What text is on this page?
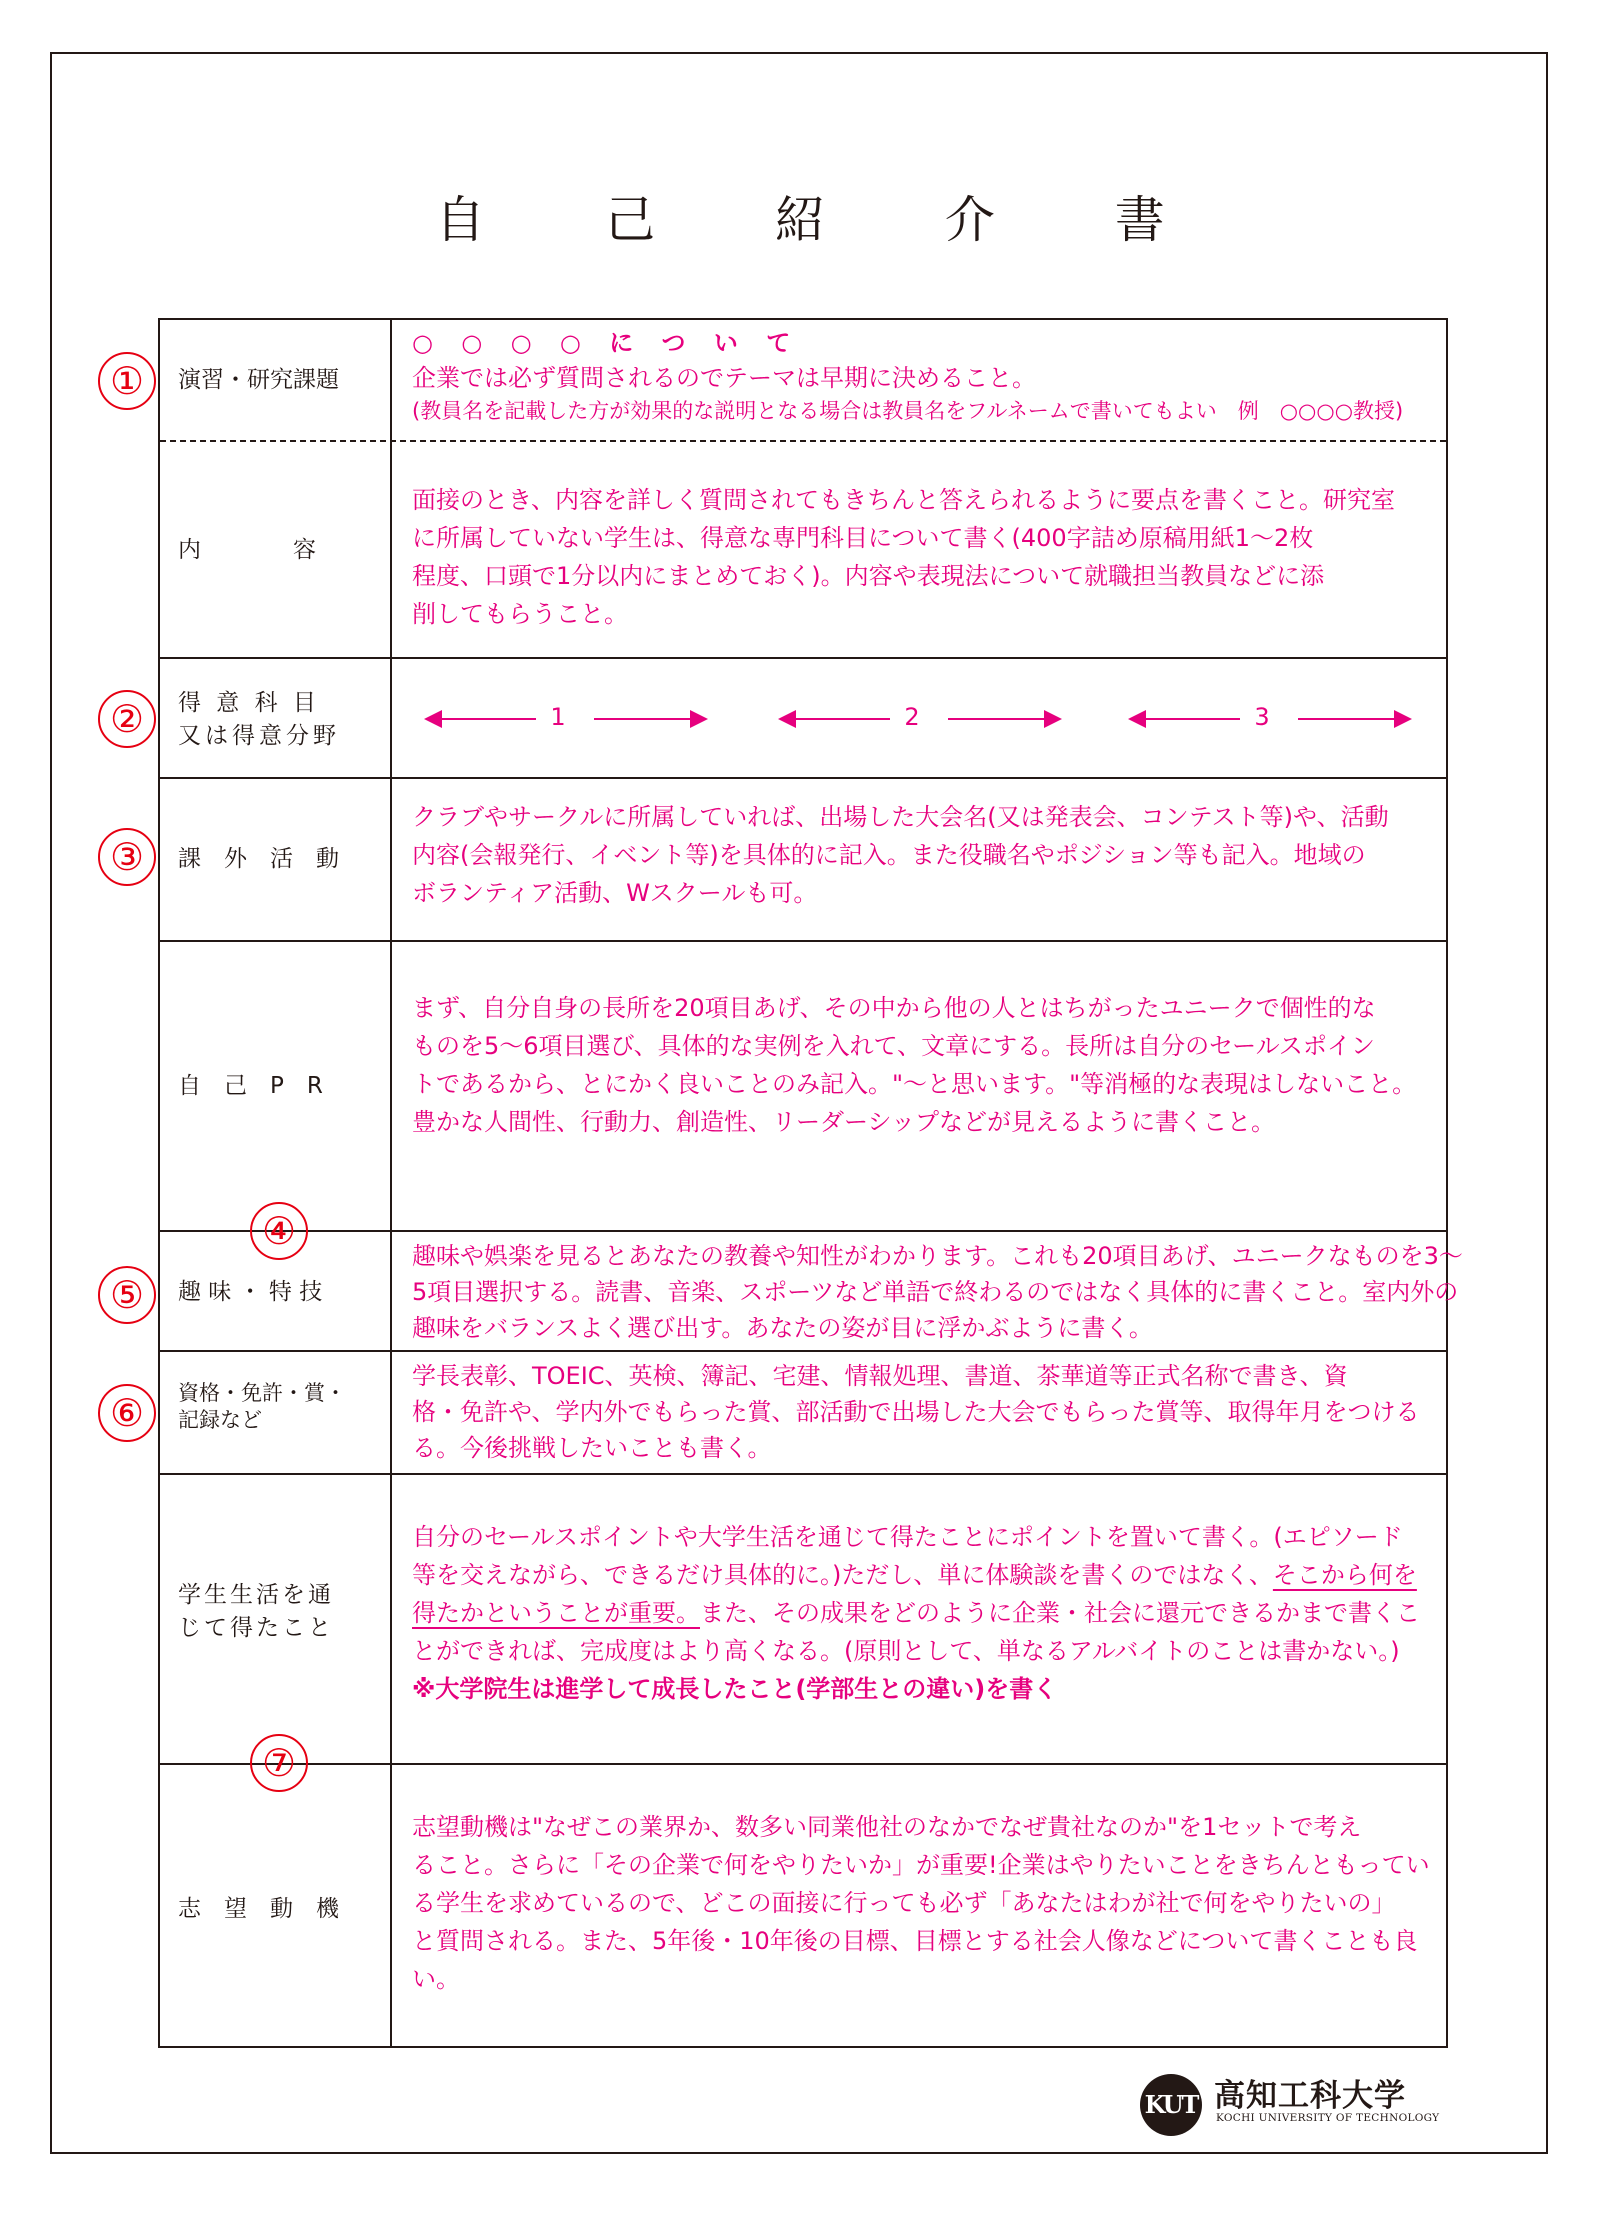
自 己 紹 介 書
演習・研究課題
○ ○ ○ ○ に つ い て
企業では必ず質問されるのでテーマは早期に決めること。
(教員名を記載した方が効果的な説明となる場合は教員名をフルネームで書いてもよい　例　○○○○教授)
内　　　　容
面接のとき、内容を詳しく質問されてもきちんと答えられるように要点を書くこと。研究室
に所属していない学生は、得意な専門科目について書く(400字詰め原稿用紙1〜2枚
程度、口頭で1分以内にまとめておく)。内容や表現法について就職担当教員などに添
削してもらうこと。
得 意 科 目
又は得意分野
1	2	3
課　外　活　動
クラブやサークルに所属していれば、出場した大会名(又は発表会、コンテスト等)や、活動
内容(会報発行、イベント等)を具体的に記入。また役職名やポジション等も記入。地域の
ボランティア活動、Wスクールも可。
自　己　P　R
まず、自分自身の長所を20項目あげ、その中から他の人とはちがったユニークで個性的な
ものを5〜6項目選び、具体的な実例を入れて、文章にする。長所は自分のセールスポイン
トであるから、とにかく良いことのみ記入。"〜と思います。"等消極的な表現はしないこと。
豊かな人間性、行動力、創造性、リーダーシップなどが見えるように書くこと。
趣 味 ・ 特 技
趣味や娯楽を見るとあなたの教養や知性がわかります。これも20項目あげ、ユニークなものを3〜
5項目選択する。読書、音楽、スポーツなど単語で終わるのではなく具体的に書くこと。室内外の
趣味をバランスよく選び出す。あなたの姿が目に浮かぶように書く。
資格・免許・賞・
記録など
学長表彰、TOEIC、英検、簿記、宅建、情報処理、書道、茶華道等正式名称で書き、資
格・免許や、学内外でもらった賞、部活動で出場した大会でもらった賞等、取得年月をつける
る。今後挑戦したいことも書く。
学生生活を通
じて得たこと
自分のセールスポイントや大学生活を通じて得たことにポイントを置いて書く。(エピソード
等を交えながら、できるだけ具体的に。)ただし、単に体験談を書くのではなく、そこから何を
得たかということが重要。また、その成果をどのように企業・社会に還元できるかまで書くこ
とができれば、完成度はより高くなる。(原則として、単なるアルバイトのことは書かない。)
※大学院生は進学して成長したこと(学部生との違い)を書く
志　望　動　機
志望動機は"なぜこの業界か、数多い同業他社のなかでなぜ貴社なのか"を1セットで考え
ること。さらに「その企業で何をやりたいか」が重要!企業はやりたいことをきちんともってい
る学生を求めているので、どこの面接に行っても必ず「あなたはわが社で何をやりたいの」
と質問される。また、5年後・10年後の目標、目標とする社会人像などについて書くことも良
い。
①
②
③
④
⑤
⑥
⑦
KUT 高知工科大学
KOCHI UNIVERSITY OF TECHNOLOGY
